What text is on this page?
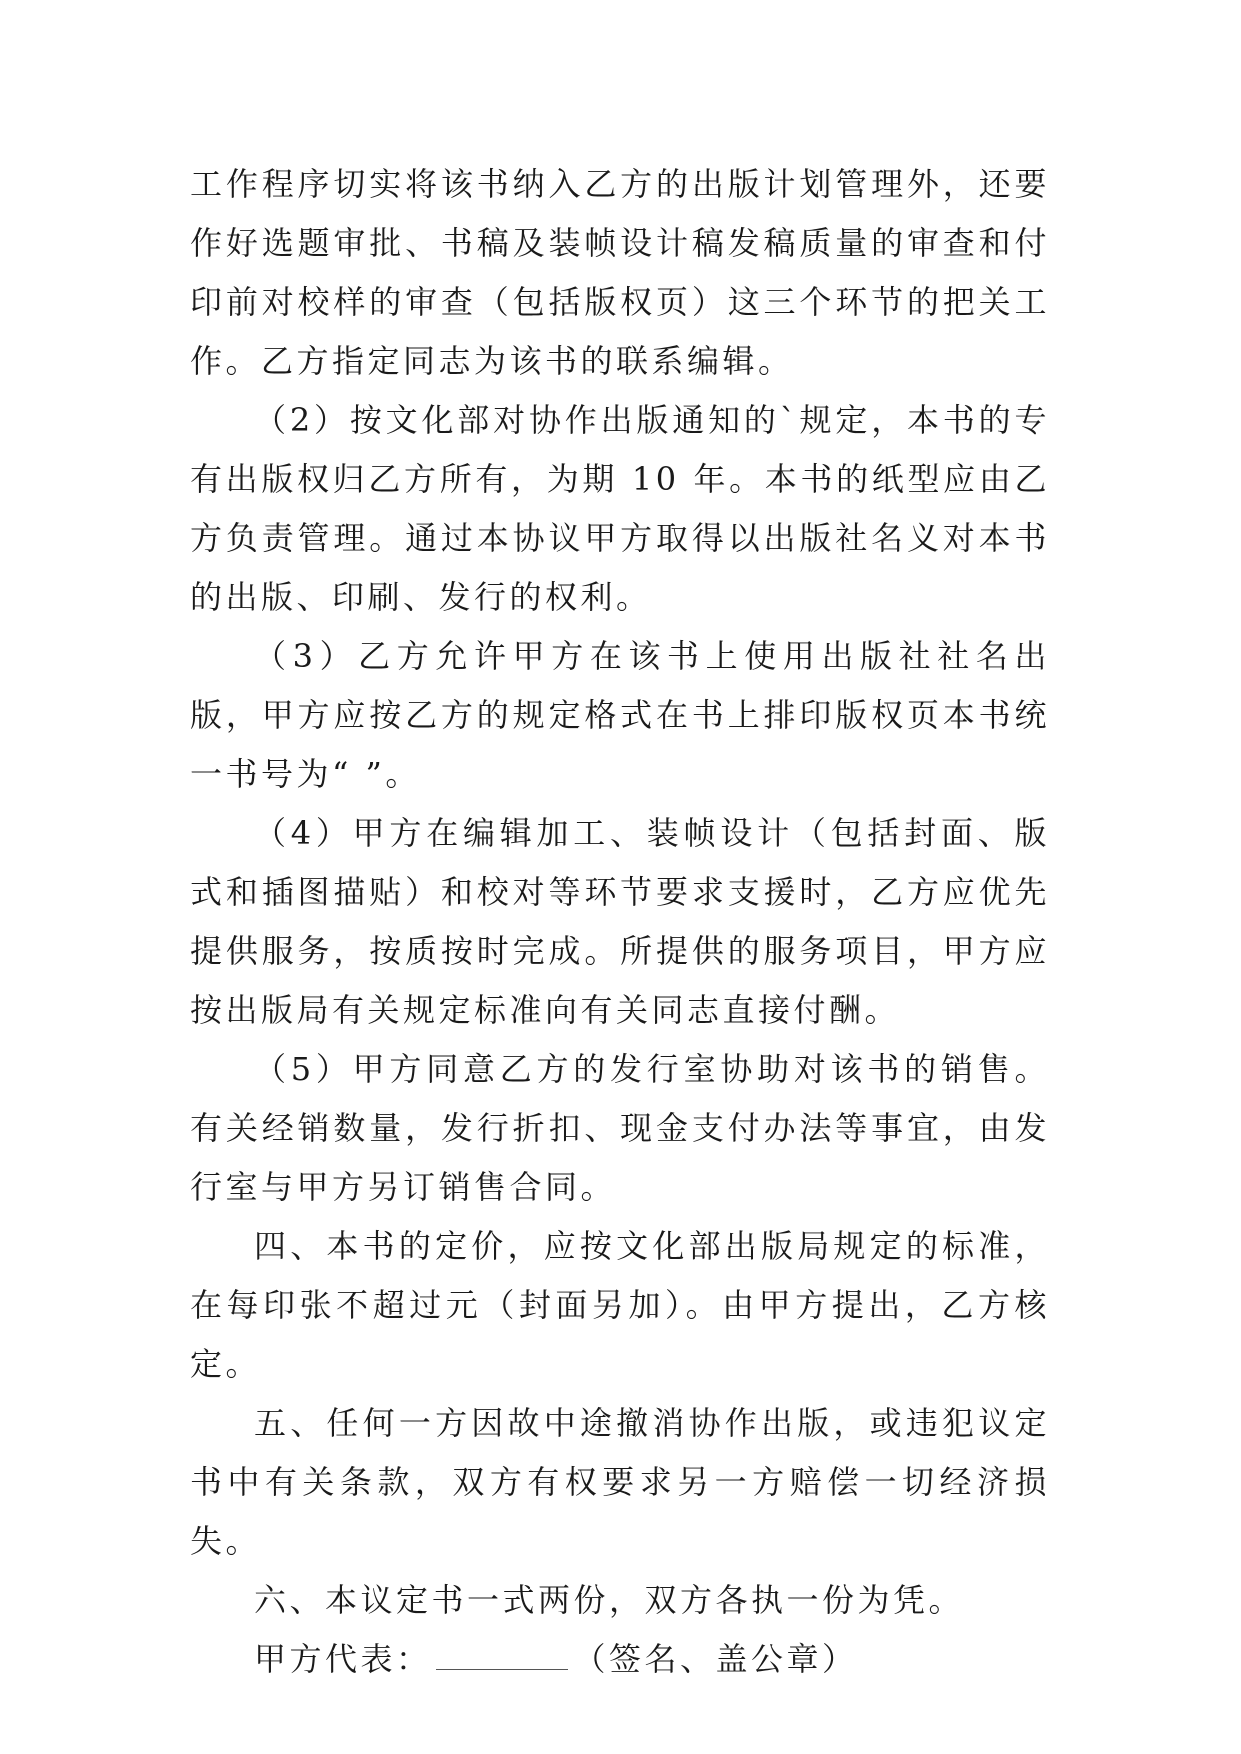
工作程序切实将该书纳入乙方的出版计划管理外，还要作好选题审批、书稿及装帧设计稿发稿质量的审查和付印前对校样的审查（包括版权页）这三个环节的把关工作。乙方指定同志为该书的联系编辑。

（2）按文化部对协作出版通知的`规定，本书的专有出版权归乙方所有，为期 10 年。本书的纸型应由乙方负责管理。通过本协议甲方取得以出版社名义对本书的出版、印刷、发行的权利。

（3）乙方允许甲方在该书上使用出版社社名出版，甲方应按乙方的规定格式在书上排印版权页本书统一书号为“ ”。

（4）甲方在编辑加工、装帧设计（包括封面、版式和插图描贴）和校对等环节要求支援时，乙方应优先提供服务，按质按时完成。所提供的服务项目，甲方应按出版局有关规定标准向有关同志直接付酬。

（5）甲方同意乙方的发行室协助对该书的销售。有关经销数量，发行折扣、现金支付办法等事宜，由发行室与甲方另订销售合同。

四、本书的定价，应按文化部出版局规定的标准，在每印张不超过元（封面另加）。由甲方提出，乙方核定。

五、任何一方因故中途撤消协作出版，或违犯议定书中有关条款，双方有权要求另一方赔偿一切经济损失。

六、本议定书一式两份，双方各执一份为凭。

甲方代表：	（签名、盖公章）
